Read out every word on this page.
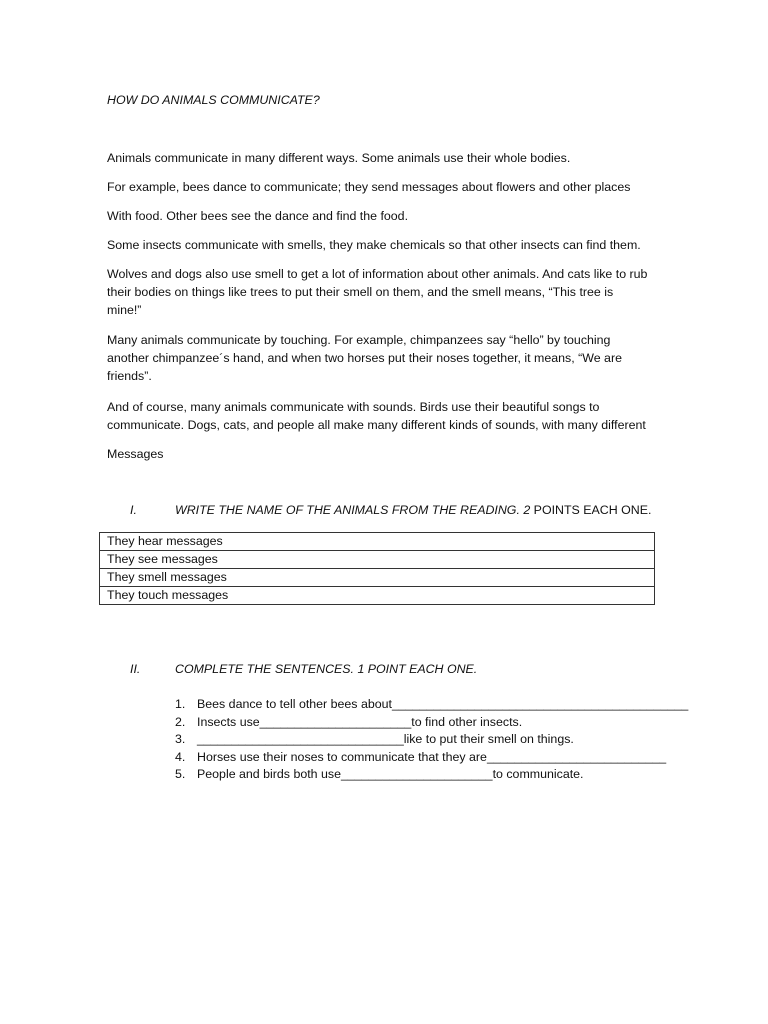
HOW DO ANIMALS COMMUNICATE?
Animals communicate in many different ways. Some animals use their whole bodies.
For example, bees dance to communicate; they send messages about flowers and other places
With food. Other bees see the dance and find the food.
Some insects communicate with smells, they make chemicals so that other insects can find them.
Wolves and dogs also use smell to get a lot of information about other animals. And cats like to rub
their bodies on things like trees to put their smell on them, and the smell means, “This tree is
mine!”
Many animals communicate by touching. For example, chimpanzees say “hello” by touching
another chimpanzee´s hand, and when two horses put their noses together, it means, “We are
friends”.
And of course, many animals communicate with sounds. Birds use their beautiful songs to
communicate. Dogs, cats, and people all make many different kinds of sounds, with many different
Messages
I.	WRITE THE NAME OF THE ANIMALS FROM THE READING. 2 POINTS EACH ONE.
They hear messages
They see messages
They smell messages
They touch messages
II.	COMPLETE THE SENTENCES. 1 POINT EACH ONE.
1. Bees dance to tell other bees about___________________________________________
2. Insects use______________________to find other insects.
3. ______________________________like to put their smell on things.
4. Horses use their noses to communicate that they are__________________________
5. People and birds both use______________________to communicate.
